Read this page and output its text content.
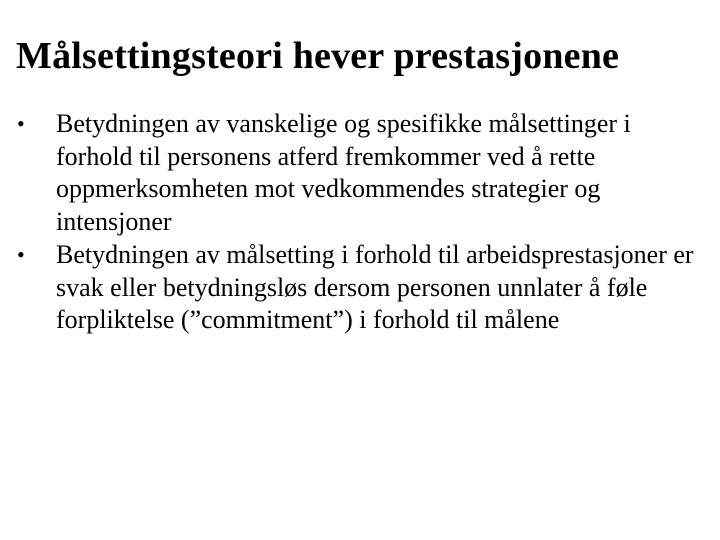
Målsettingsteori hever prestasjonene
•	Betydningen av vanskelige og spesifikke målsettinger i forhold til personens atferd fremkommer ved å rette oppmerksomheten mot vedkommendes strategier og intensjoner
•	Betydningen av målsetting i forhold til arbeidsprestasjoner er svak eller betydningsløs dersom personen unnlater å føle forpliktelse (”commitment”) i forhold til målene
